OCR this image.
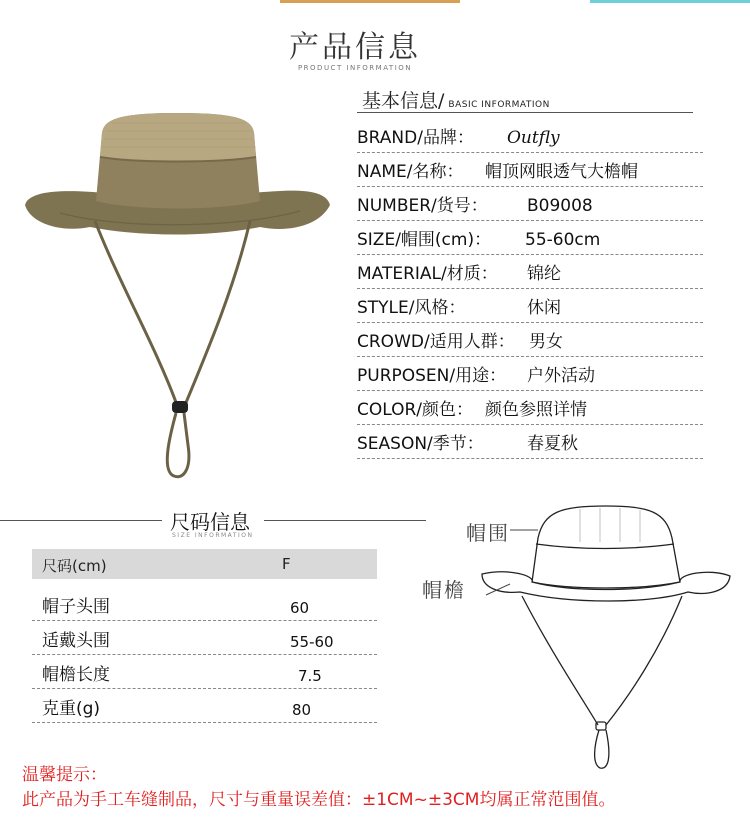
产品信息
PRODUCT INFORMATION
基本信息/ BASIC INFORMATION
BRAND/品牌： Outfly
NAME/名称： 帽顶网眼透气大檐帽
NUMBER/货号： B09008
SIZE/帽围(cm)： 55-60cm
MATERIAL/材质： 锦纶
STYLE/风格：	休闲
CROWD/适用人群： 男女
PURPOSEN/用途： 户外活动
COLOR/颜色： 颜色参照详情
SEASON/季节：	春夏秋
尺码信息
SIZE INFORMATION
尺码(cm)	F
帽子头围	60
适戴头围	55-60
帽檐长度	7.5
克重(g)	80
帽围
帽檐
温馨提示：
此产品为手工车缝制品，尺寸与重量误差值：±1CM~±3CM均属正常范围值。
